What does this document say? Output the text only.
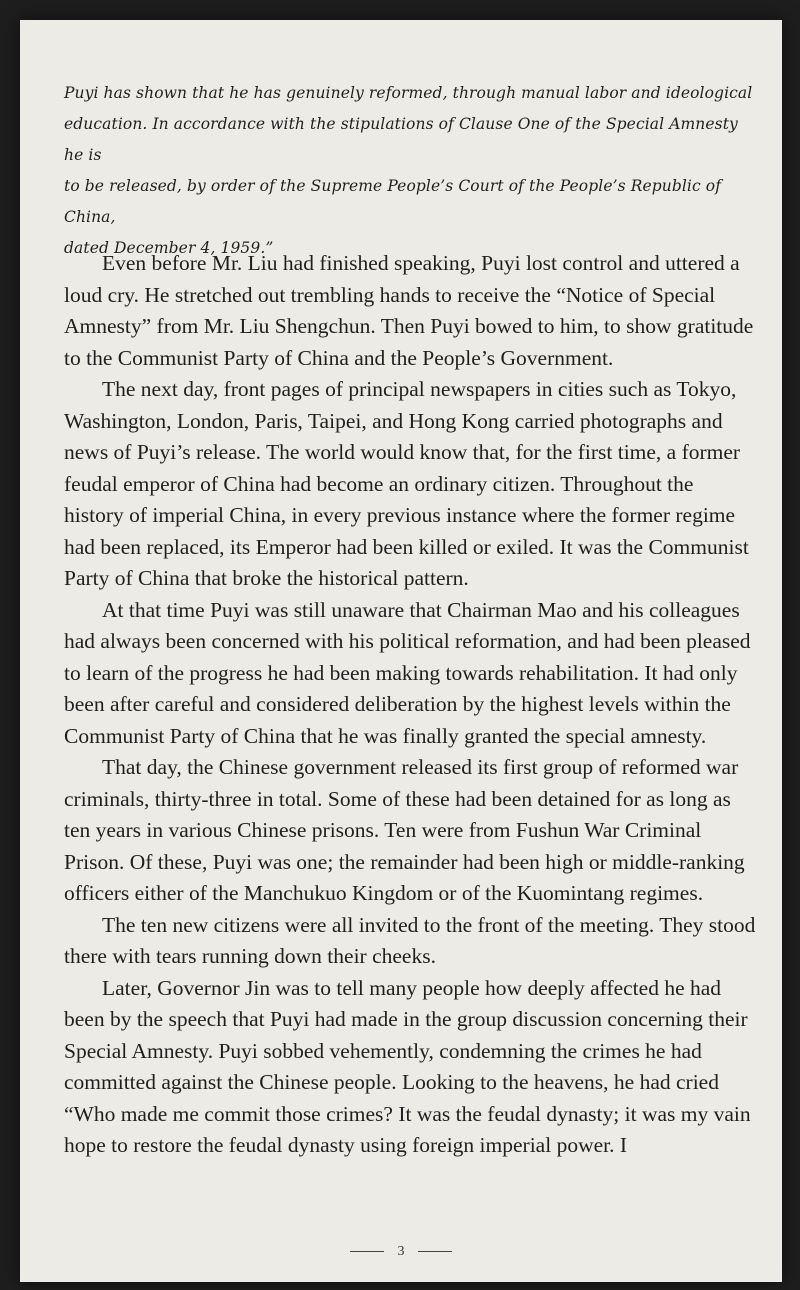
Puyi has shown that he has genuinely reformed, through manual labor and ideological

education. In accordance with the stipulations of Clause One of the Special Amnesty he is

to be released, by order of the Supreme People’s Court of the People’s Republic of China,

dated December 4, 1959.”

Even before Mr. Liu had finished speaking, Puyi lost control and uttered a loud cry. He stretched out trembling hands to receive the “Notice of Special Amnesty” from Mr. Liu Shengchun. Then Puyi bowed to him, to show gratitude to the Communist Party of China and the People’s Government.

The next day, front pages of principal newspapers in cities such as Tokyo, Washington, London, Paris, Taipei, and Hong Kong carried photographs and news of Puyi’s release. The world would know that, for the first time, a former feudal emperor of China had become an ordinary citizen. Throughout the history of imperial China, in every previous instance where the former regime had been replaced, its Emperor had been killed or exiled. It was the Communist Party of China that broke the historical pattern.

At that time Puyi was still unaware that Chairman Mao and his colleagues had always been concerned with his political reformation, and had been pleased to learn of the progress he had been making towards rehabilitation. It had only been after careful and considered deliberation by the highest levels within the Communist Party of China that he was finally granted the special amnesty.

That day, the Chinese government released its first group of reformed war criminals, thirty-three in total. Some of these had been detained for as long as ten years in various Chinese prisons. Ten were from Fushun War Criminal Prison. Of these, Puyi was one; the remainder had been high or middle-ranking officers either of the Manchukuo Kingdom or of the Kuomintang regimes.

The ten new citizens were all invited to the front of the meeting. They stood there with tears running down their cheeks.

Later, Governor Jin was to tell many people how deeply affected he had been by the speech that Puyi had made in the group discussion concerning their Special Amnesty. Puyi sobbed vehemently, condemning the crimes he had committed against the Chinese people. Looking to the heavens, he had cried “Who made me commit those crimes? It was the feudal dynasty; it was my vain hope to restore the feudal dynasty using foreign imperial power. I

3
